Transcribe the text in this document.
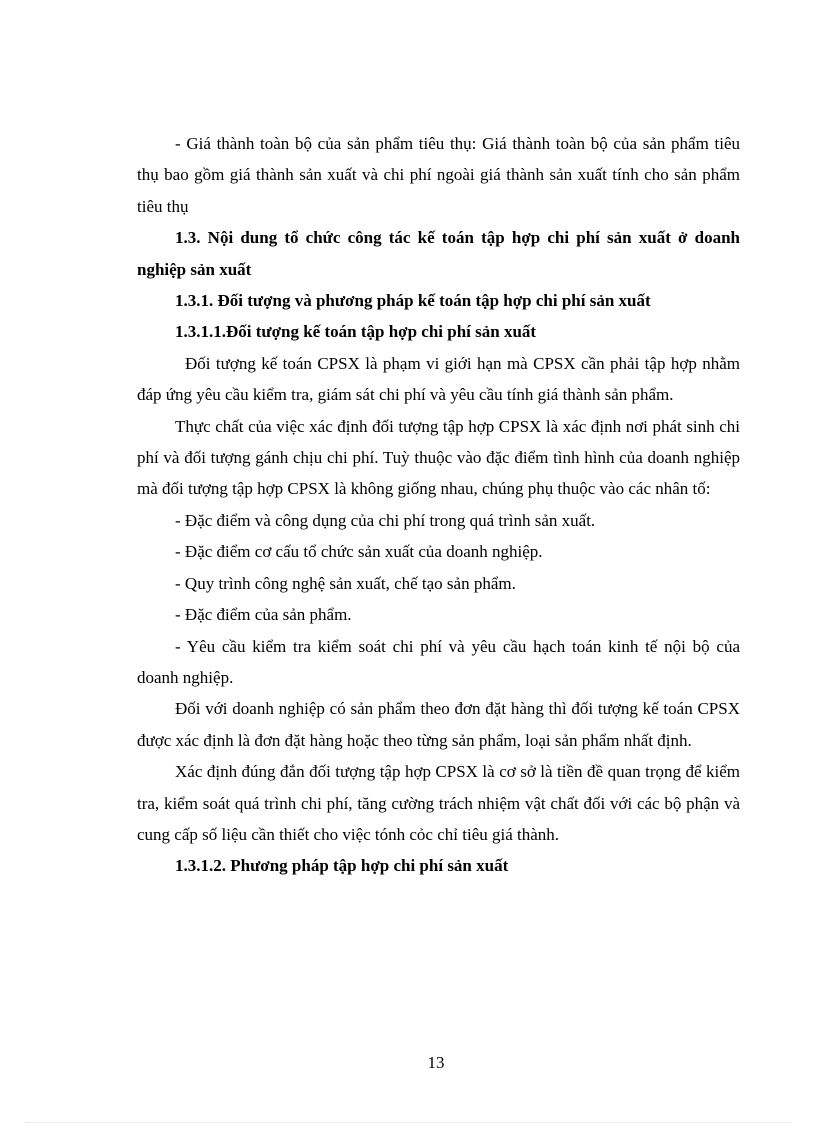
- Giá thành toàn bộ của sản phẩm tiêu thụ: Giá thành toàn bộ của sản phẩm tiêu thụ bao gồm giá thành sản xuất và chi phí ngoài giá thành sản xuất tính cho sản phẩm tiêu thụ

1.3. Nội dung tổ chức công tác kế toán tập hợp chi phí sản xuất ở doanh nghiệp sản xuất

1.3.1. Đối tượng và phương pháp kế toán tập hợp chi phí sản xuất

1.3.1.1.Đối tượng kế toán tập hợp chi phí sản xuất

Đối tượng kế toán CPSX là phạm vi giới hạn mà CPSX cần phải tập hợp nhằm đáp ứng yêu cầu kiểm tra, giám sát chi phí và yêu cầu tính giá thành sản phẩm.

Thực chất của việc xác định đối tượng tập hợp CPSX là xác định nơi phát sinh chi phí và đối tượng gánh chịu chi phí. Tuỳ thuộc vào đặc điểm tình hình của doanh nghiệp mà đối tượng tập hợp CPSX là không giống nhau, chúng phụ thuộc vào các nhân tố:

- Đặc điểm và công dụng của chi phí trong quá trình sản xuất.

- Đặc điểm cơ cấu tổ chức sản xuất của doanh nghiệp.

- Quy trình công nghệ sản xuất, chế tạo sản phẩm.

- Đặc điểm của sản phẩm.

- Yêu cầu kiểm tra kiểm soát chi phí và yêu cầu hạch toán kinh tế nội bộ của doanh nghiệp.

Đối với doanh nghiệp có sản phẩm theo đơn đặt hàng thì đối tượng kế toán CPSX được xác định là đơn đặt hàng hoặc theo từng sản phẩm, loại sản phẩm nhất định.

Xác định đúng đắn đối tượng tập hợp CPSX là cơ sở là tiền đề quan trọng để kiểm tra, kiểm soát quá trình chi phí, tăng cường trách nhiệm vật chất đối với các bộ phận và cung cấp số liệu cần thiết cho việc tónh cỏc chỉ tiêu giá thành.

1.3.1.2. Phương pháp tập hợp chi phí sản xuất

13
